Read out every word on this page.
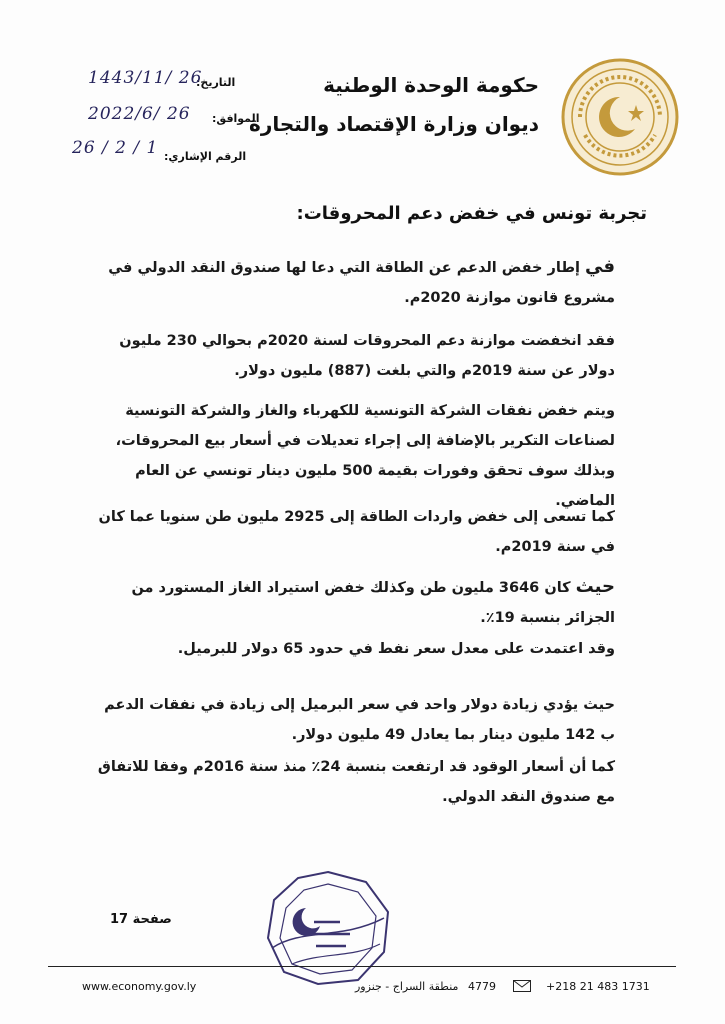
حكومة الوحدة الوطنية
ديوان وزارة الإقتصاد والتجارة
التاريخ:
1443/11/ 26
الموافق:
2022/6/ 26
الرقم الإشاري:
26 / 2 / 1
تجربة تونس في خفض دعم المحروقات:
في إطار خفض الدعم عن الطاقة التي دعا لها صندوق النقد الدولي في مشروع قانون موازنة 2020م.
فقد انخفضت موازنة دعم المحروقات لسنة 2020م بحوالي 230 مليون دولار عن سنة 2019م والتي بلغت (887) مليون دولار.
ويتم خفض نفقات الشركة التونسية للكهرباء والغاز والشركة التونسية لصناعات التكرير بالإضافة إلى إجراء تعديلات في أسعار بيع المحروقات، وبذلك سوف تحقق وفورات بقيمة 500 مليون دينار تونسي عن العام الماضي.
كما تسعى إلى خفض واردات الطاقة إلى 2925 مليون طن سنويا عما كان في سنة 2019م.
حيث كان 3646 مليون طن وكذلك خفض استيراد الغاز المستورد من الجزائر بنسبة 19٪.
وقد اعتمدت على معدل سعر نفط في حدود 65 دولار للبرميل.
حيث يؤدي زيادة دولار واحد في سعر البرميل إلى زيادة في نفقات الدعم ب 142 مليون دينار بما يعادل 49 مليون دولار.
كما أن أسعار الوقود قد ارتفعت بنسبة 24٪ منذ سنة 2016م وفقا للاتفاق مع صندوق النقد الدولي.
صفحة 17
www.economy.gov.ly	منطقة السراج - جنزور 4779	+218 21 483 1731
